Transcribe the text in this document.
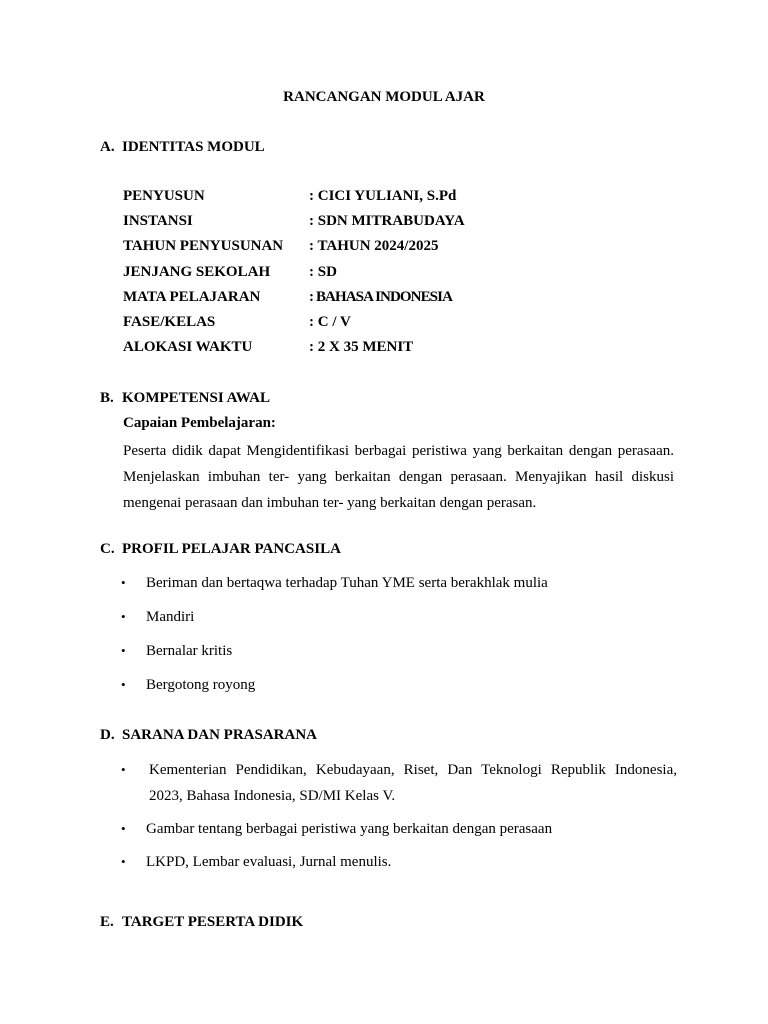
RANCANGAN MODUL AJAR
A. IDENTITAS MODUL
PENYUSUN	: CICI YULIANI, S.Pd
INSTANSI	: SDN MITRABUDAYA
TAHUN PENYUSUNAN : TAHUN 2024/2025
JENJANG SEKOLAH	: SD
MATA PELAJARAN	: BAHASA INDONESIA
FASE/KELAS	: C / V
ALOKASI WAKTU	: 2 X 35 MENIT
B. KOMPETENSI AWAL
Capaian Pembelajaran:
Peserta didik dapat Mengidentifikasi berbagai peristiwa yang berkaitan dengan perasaan. Menjelaskan imbuhan ter- yang berkaitan dengan perasaan. Menyajikan hasil diskusi mengenai perasaan dan imbuhan ter- yang berkaitan dengan perasan.
C. PROFIL PELAJAR PANCASILA
• Beriman dan bertaqwa terhadap Tuhan YME serta berakhlak mulia
• Mandiri
• Bernalar kritis
• Bergotong royong
D. SARANA DAN PRASARANA
• Kementerian Pendidikan, Kebudayaan, Riset, Dan Teknologi Republik Indonesia, 2023, Bahasa Indonesia, SD/MI Kelas V.
• Gambar tentang berbagai peristiwa yang berkaitan dengan perasaan
• LKPD, Lembar evaluasi, Jurnal menulis.
E. TARGET PESERTA DIDIK
